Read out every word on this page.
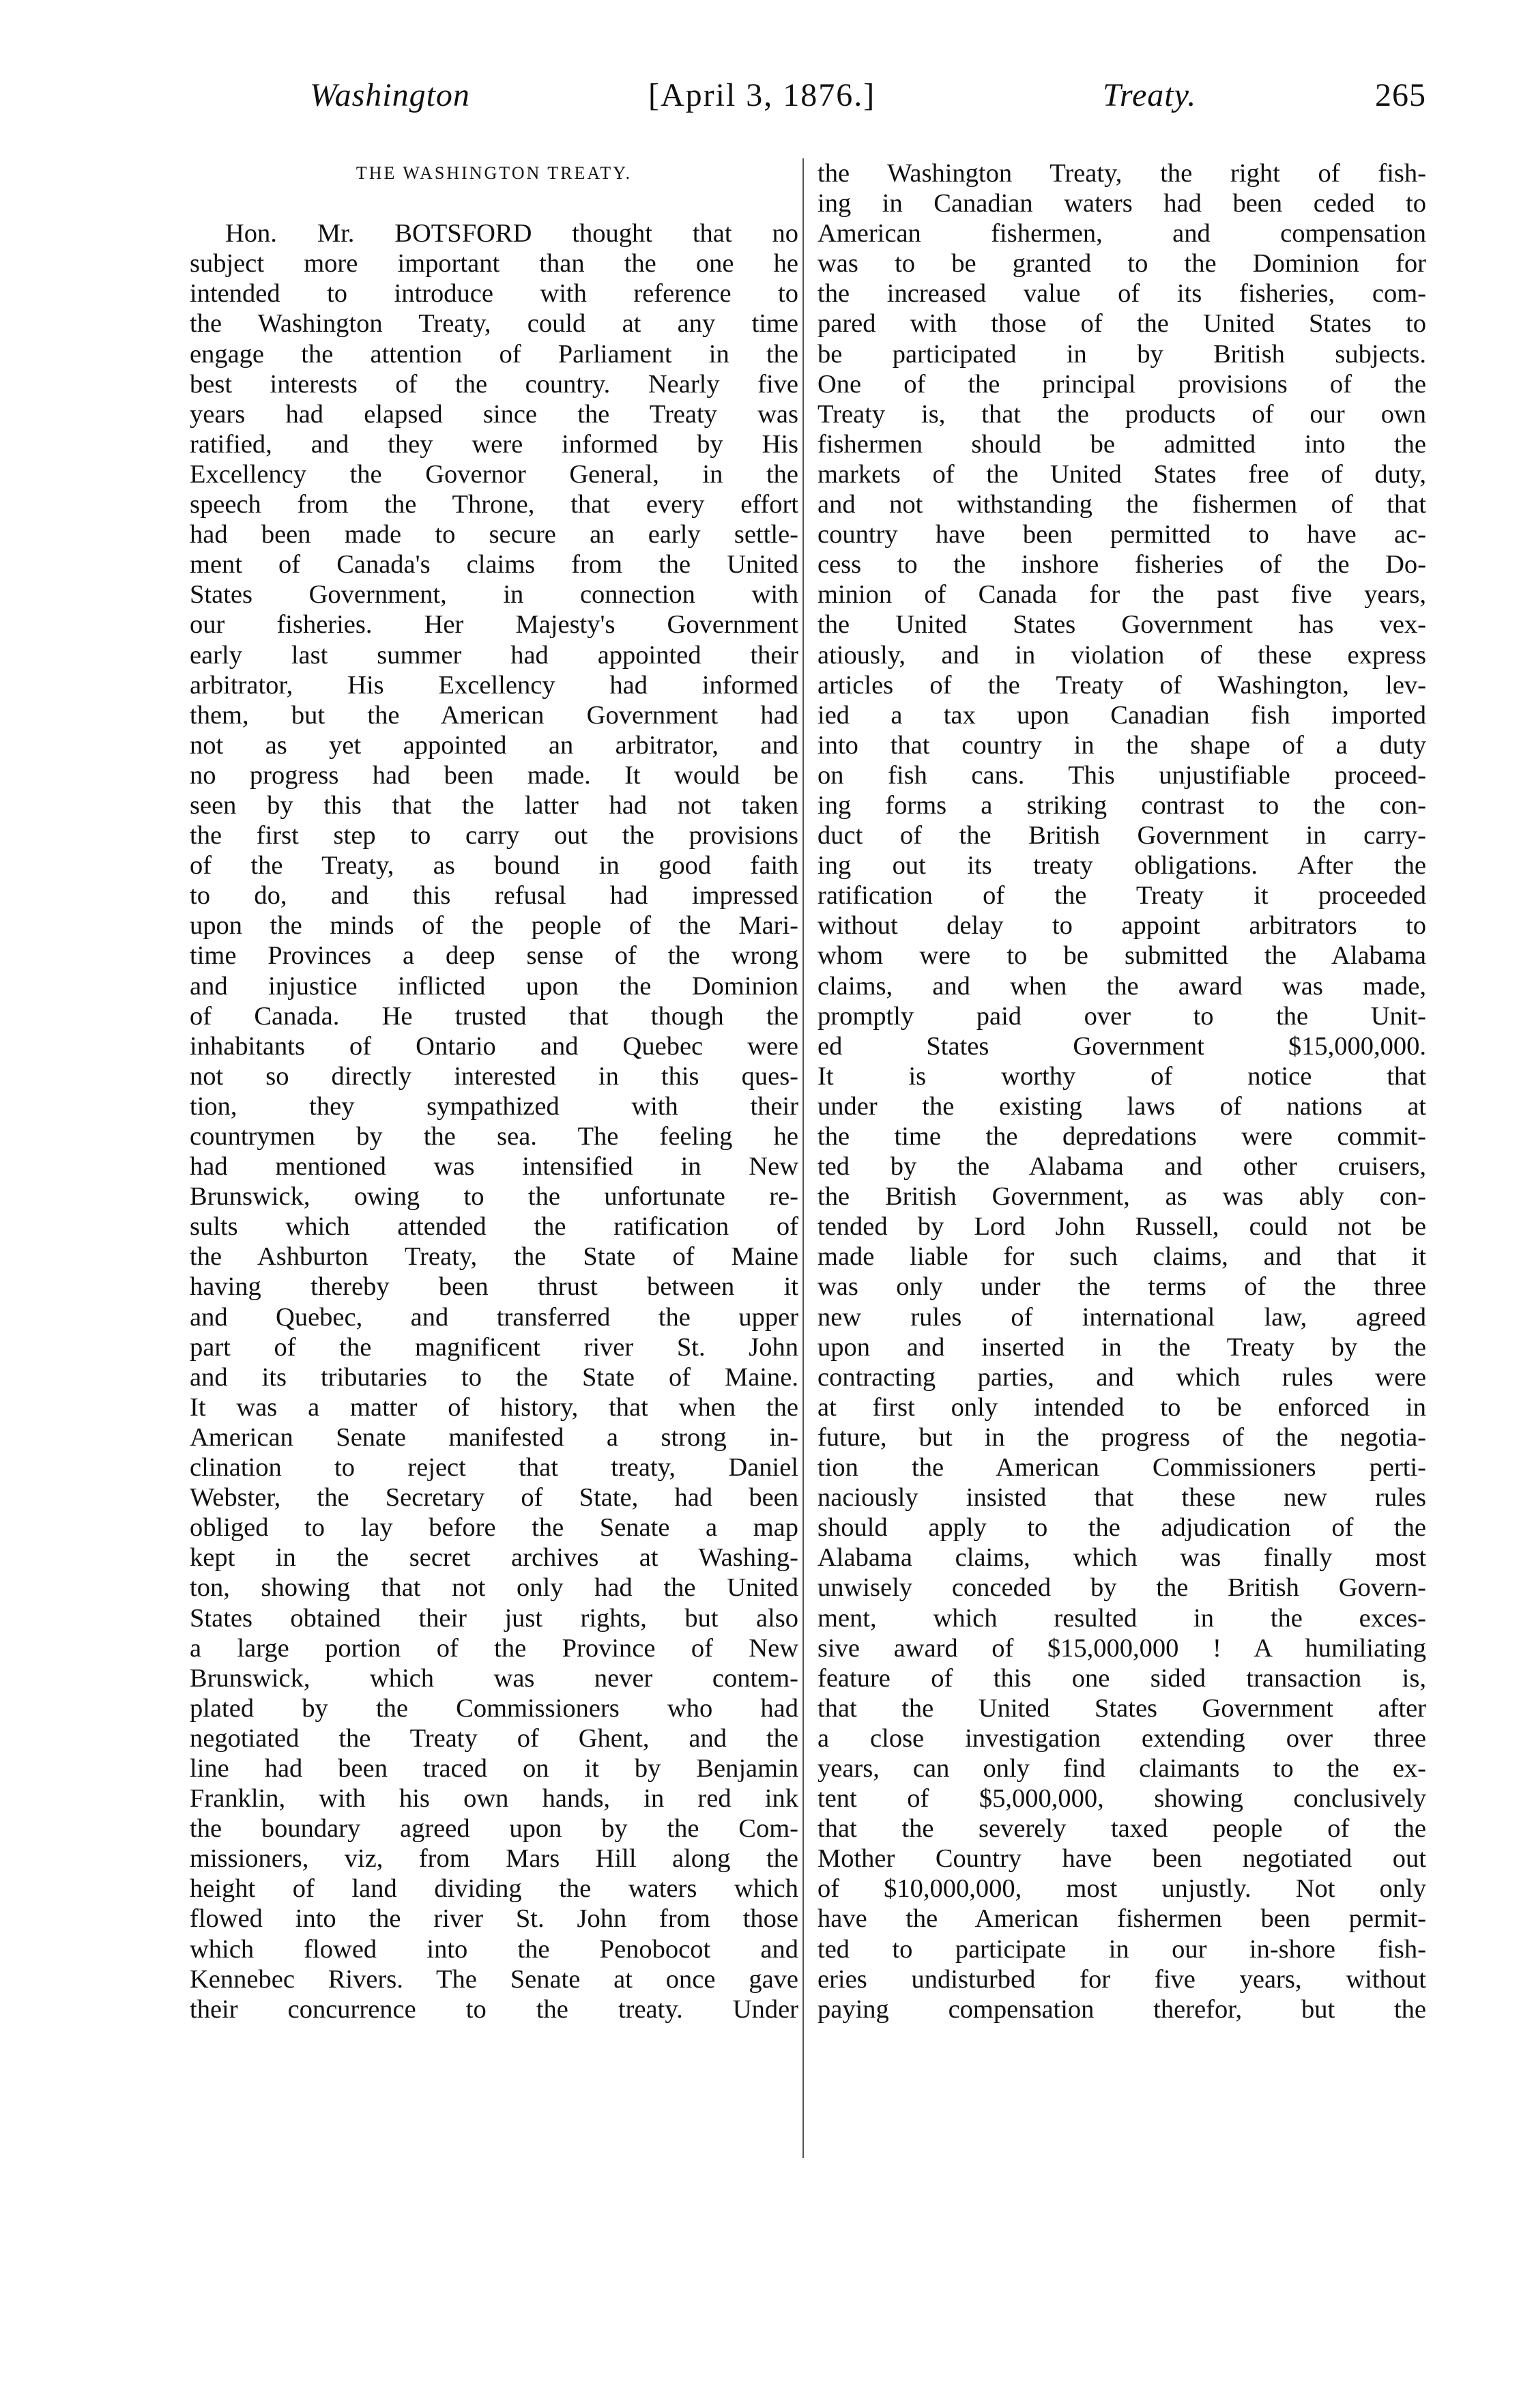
Washington	[April 3, 1876.]	Treaty.	265
THE WASHINGTON TREATY.
Hon. Mr. BOTSFORD thought that no
subject more important than the one he
intended to introduce with reference to
the Washington Treaty, could at any time
engage the attention of Parliament in the
best interests of the country. Nearly five
years had elapsed since the Treaty was
ratified, and they were informed by His
Excellency the Governor General, in the
speech from the Throne, that every effort
had been made to secure an early settle-
ment of Canada's claims from the United
States Government, in connection with
our fisheries. Her Majesty's Government
early last summer had appointed their
arbitrator, His Excellency had informed
them, but the American Government had
not as yet appointed an arbitrator, and
no progress had been made. It would be
seen by this that the latter had not taken
the first step to carry out the provisions
of the Treaty, as bound in good faith
to do, and this refusal had impressed
upon the minds of the people of the Mari-
time Provinces a deep sense of the wrong
and injustice inflicted upon the Dominion
of Canada. He trusted that though the
inhabitants of Ontario and Quebec were
not so directly interested in this ques-
tion, they sympathized with their
countrymen by the sea. The feeling he
had mentioned was intensified in New
Brunswick, owing to the unfortunate re-
sults which attended the ratification of
the Ashburton Treaty, the State of Maine
having thereby been thrust between it
and Quebec, and transferred the upper
part of the magnificent river St. John
and its tributaries to the State of Maine.
It was a matter of history, that when the
American Senate manifested a strong in-
clination to reject that treaty, Daniel
Webster, the Secretary of State, had been
obliged to lay before the Senate a map
kept in the secret archives at Washing-
ton, showing that not only had the United
States obtained their just rights, but also
a large portion of the Province of New
Brunswick, which was never contem-
plated by the Commissioners who had
negotiated the Treaty of Ghent, and the
line had been traced on it by Benjamin
Franklin, with his own hands, in red ink
the boundary agreed upon by the Com-
missioners, viz, from Mars Hill along the
height of land dividing the waters which
flowed into the river St. John from those
which flowed into the Penobocot and
Kennebec Rivers. The Senate at once gave
their concurrence to the treaty. Under
the Washington Treaty, the right of fish-
ing in Canadian waters had been ceded to
American fishermen, and compensation
was to be granted to the Dominion for
the increased value of its fisheries, com-
pared with those of the United States to
be participated in by British subjects.
One of the principal provisions of the
Treaty is, that the products of our own
fishermen should be admitted into the
markets of the United States free of duty,
and not withstanding the fishermen of that
country have been permitted to have ac-
cess to the inshore fisheries of the Do-
minion of Canada for the past five years,
the United States Government has vex-
atiously, and in violation of these express
articles of the Treaty of Washington, lev-
ied a tax upon Canadian fish imported
into that country in the shape of a duty
on fish cans. This unjustifiable proceed-
ing forms a striking contrast to the con-
duct of the British Government in carry-
ing out its treaty obligations. After the
ratification of the Treaty it proceeded
without delay to appoint arbitrators to
whom were to be submitted the Alabama
claims, and when the award was made,
promptly paid over to the Unit-
ed States Government $15,000,000.
It is worthy of notice that
under the existing laws of nations at
the time the depredations were commit-
ted by the Alabama and other cruisers,
the British Government, as was ably con-
tended by Lord John Russell, could not be
made liable for such claims, and that it
was only under the terms of the three
new rules of international law, agreed
upon and inserted in the Treaty by the
contracting parties, and which rules were
at first only intended to be enforced in
future, but in the progress of the negotia-
tion the American Commissioners perti-
naciously insisted that these new rules
should apply to the adjudication of the
Alabama claims, which was finally most
unwisely conceded by the British Govern-
ment, which resulted in the exces-
sive award of $15,000,000 ! A humiliating
feature of this one sided transaction is,
that the United States Government after
a close investigation extending over three
years, can only find claimants to the ex-
tent of $5,000,000, showing conclusively
that the severely taxed people of the
Mother Country have been negotiated out
of $10,000,000, most unjustly. Not only
have the American fishermen been permit-
ted to participate in our in-shore fish-
eries undisturbed for five years, without
paying compensation therefor, but the
